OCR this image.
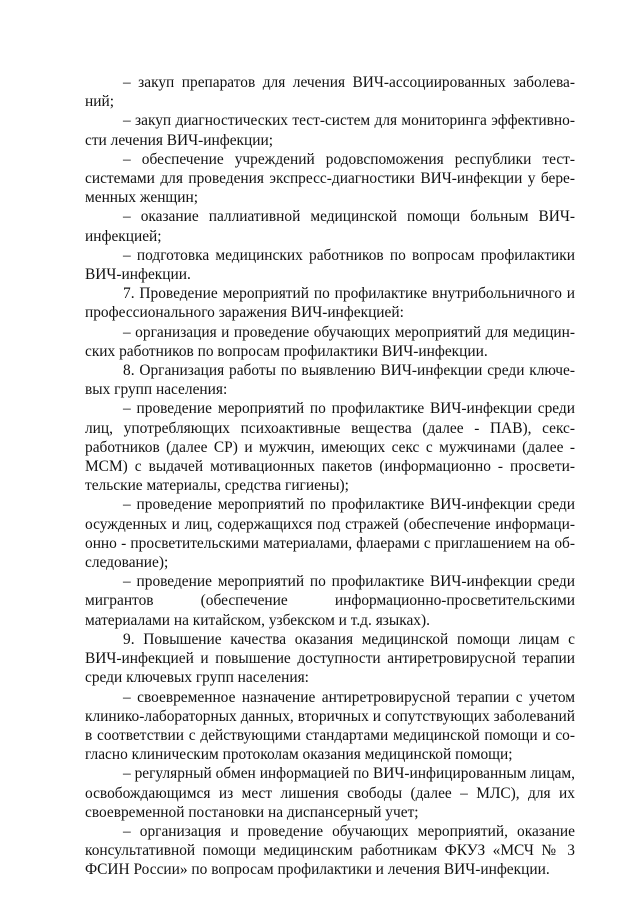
– закуп препаратов для лечения ВИЧ-ассоциированных заболеваний;

– закуп диагностических тест-систем для мониторинга эффективности лечения ВИЧ-инфекции;

– обеспечение учреждений родовспоможения республики тест-системами для проведения экспресс-диагностики ВИЧ-инфекции у беременных женщин;

– оказание паллиативной медицинской помощи больным ВИЧ-инфекцией;

– подготовка медицинских работников по вопросам профилактики ВИЧ-инфекции.

7. Проведение мероприятий по профилактике внутрибольничного и профессионального заражения ВИЧ-инфекцией:

– организация и проведение обучающих мероприятий для медицинских работников по вопросам профилактики ВИЧ-инфекции.

8. Организация работы по выявлению ВИЧ-инфекции среди ключевых групп населения:

– проведение мероприятий по профилактике ВИЧ-инфекции среди лиц, употребляющих психоактивные вещества (далее - ПАВ), секс-работников (далее СР) и мужчин, имеющих секс с мужчинами (далее - МСМ) с выдачей мотивационных пакетов (информационно - просветительские материалы, средства гигиены);

– проведение мероприятий по профилактике ВИЧ-инфекции среди осужденных и лиц, содержащихся под стражей (обеспечение информационно - просветительскими материалами, флаерами с приглашением на обследование);

– проведение мероприятий по профилактике ВИЧ-инфекции среди мигрантов (обеспечение информационно-просветительскими материалами на китайском, узбекском и т.д. языках).

9. Повышение качества оказания медицинской помощи лицам с ВИЧ-инфекцией и повышение доступности антиретровирусной терапии среди ключевых групп населения:

– своевременное назначение антиретровирусной терапии с учетом клинико-лабораторных данных, вторичных и сопутствующих заболеваний в соответствии с действующими стандартами медицинской помощи и согласно клиническим протоколам оказания медицинской помощи;

– регулярный обмен информацией по ВИЧ-инфицированным лицам, освобождающимся из мест лишения свободы (далее – МЛС), для их своевременной постановки на диспансерный учет;

– организация и проведение обучающих мероприятий, оказание консультативной помощи медицинским работникам ФКУЗ «МСЧ № 3 ФСИН России» по вопросам профилактики и лечения ВИЧ-инфекции.
